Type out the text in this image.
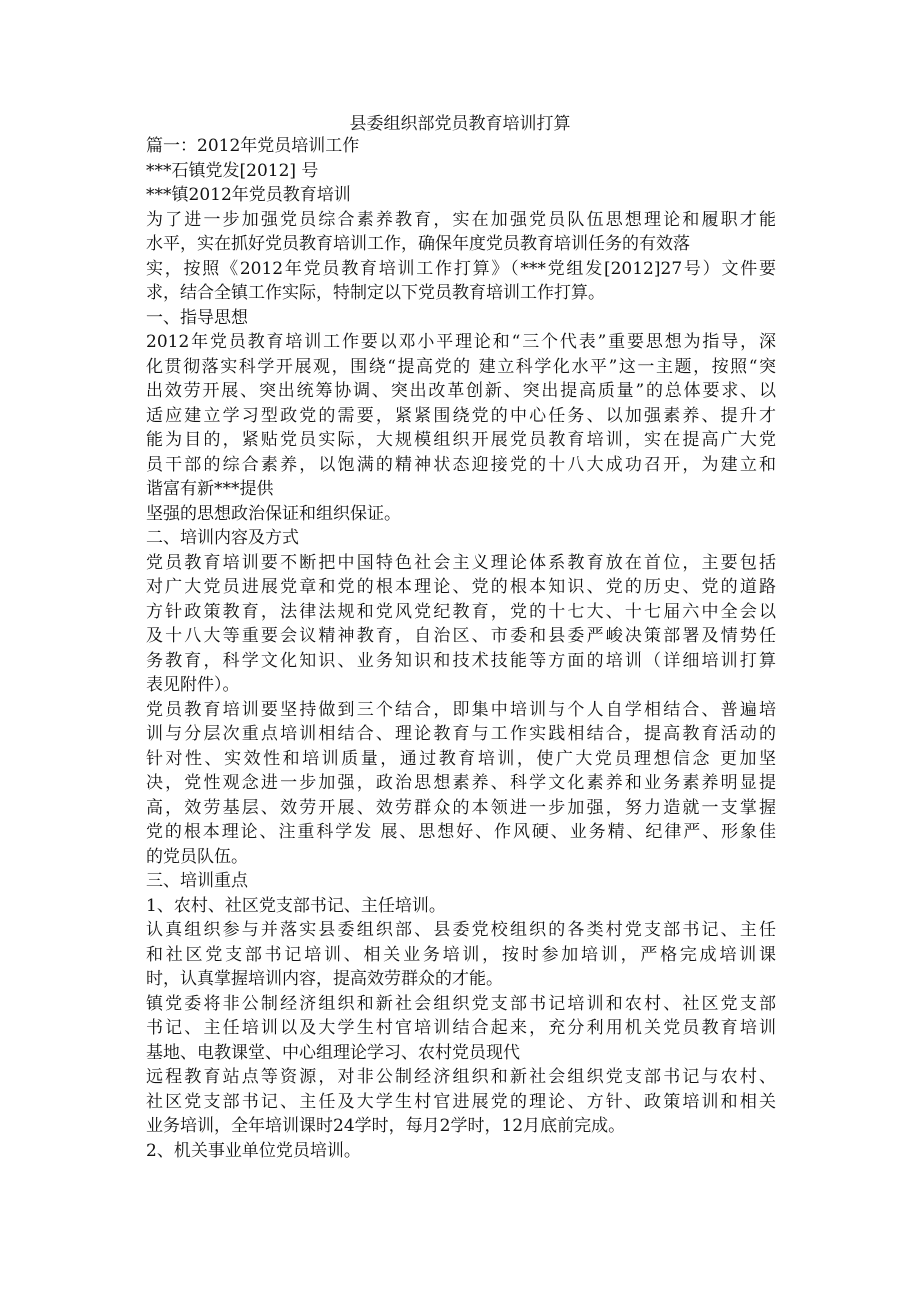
县委组织部党员教育培训打算

篇一：2012年党员培训工作

***石镇党发[2012] 号

***镇2012年党员教育培训

为了进一步加强党员综合素养教育，实在加强党员队伍思想理论和履职才能

水平，实在抓好党员教育培训工作，确保年度党员教育培训任务的有效落

实，按照《2012年党员教育培训工作打算》（***党组发[2012]27号）文件要

求，结合全镇工作实际，特制定以下党员教育培训工作打算。

一、指导思想

2012年党员教育培训工作要以邓小平理论和“三个代表”重要思想为指导，深

化贯彻落实科学开展观，围绕“提高党的 建立科学化水平”这一主题，按照“突

出效劳开展、突出统筹协调、突出改革创新、突出提高质量”的总体要求、以

适应建立学习型政党的需要，紧紧围绕党的中心任务、以加强素养、提升才

能为目的，紧贴党员实际，大规模组织开展党员教育培训，实在提高广大党

员干部的综合素养，以饱满的精神状态迎接党的十八大成功召开，为建立和

谐富有新***提供

坚强的思想政治保证和组织保证。

二、培训内容及方式

党员教育培训要不断把中国特色社会主义理论体系教育放在首位，主要包括

对广大党员进展党章和党的根本理论、党的根本知识、党的历史、党的道路

方针政策教育，法律法规和党风党纪教育，党的十七大、十七届六中全会以

及十八大等重要会议精神教育，自治区、市委和县委严峻决策部署及情势任

务教育，科学文化知识、业务知识和技术技能等方面的培训（详细培训打算

表见附件）。

党员教育培训要坚持做到三个结合，即集中培训与个人自学相结合、普遍培

训与分层次重点培训相结合、理论教育与工作实践相结合，提高教育活动的

针对性、实效性和培训质量，通过教育培训，使广大党员理想信念 更加坚

决，党性观念进一步加强，政治思想素养、科学文化素养和业务素养明显提

高，效劳基层、效劳开展、效劳群众的本领进一步加强，努力造就一支掌握

党的根本理论、注重科学发 展、思想好、作风硬、业务精、纪律严、形象佳

的党员队伍。

三、培训重点

1、农村、社区党支部书记、主任培训。

认真组织参与并落实县委组织部、县委党校组织的各类村党支部书记、主任

和社区党支部书记培训、相关业务培训，按时参加培训，严格完成培训课

时，认真掌握培训内容，提高效劳群众的才能。

镇党委将非公制经济组织和新社会组织党支部书记培训和农村、社区党支部

书记、主任培训以及大学生村官培训结合起来，充分利用机关党员教育培训

基地、电教课堂、中心组理论学习、农村党员现代

远程教育站点等资源，对非公制经济组织和新社会组织党支部书记与农村、

社区党支部书记、主任及大学生村官进展党的理论、方针、政策培训和相关

业务培训，全年培训课时24学时，每月2学时，12月底前完成。

2、机关事业单位党员培训。
